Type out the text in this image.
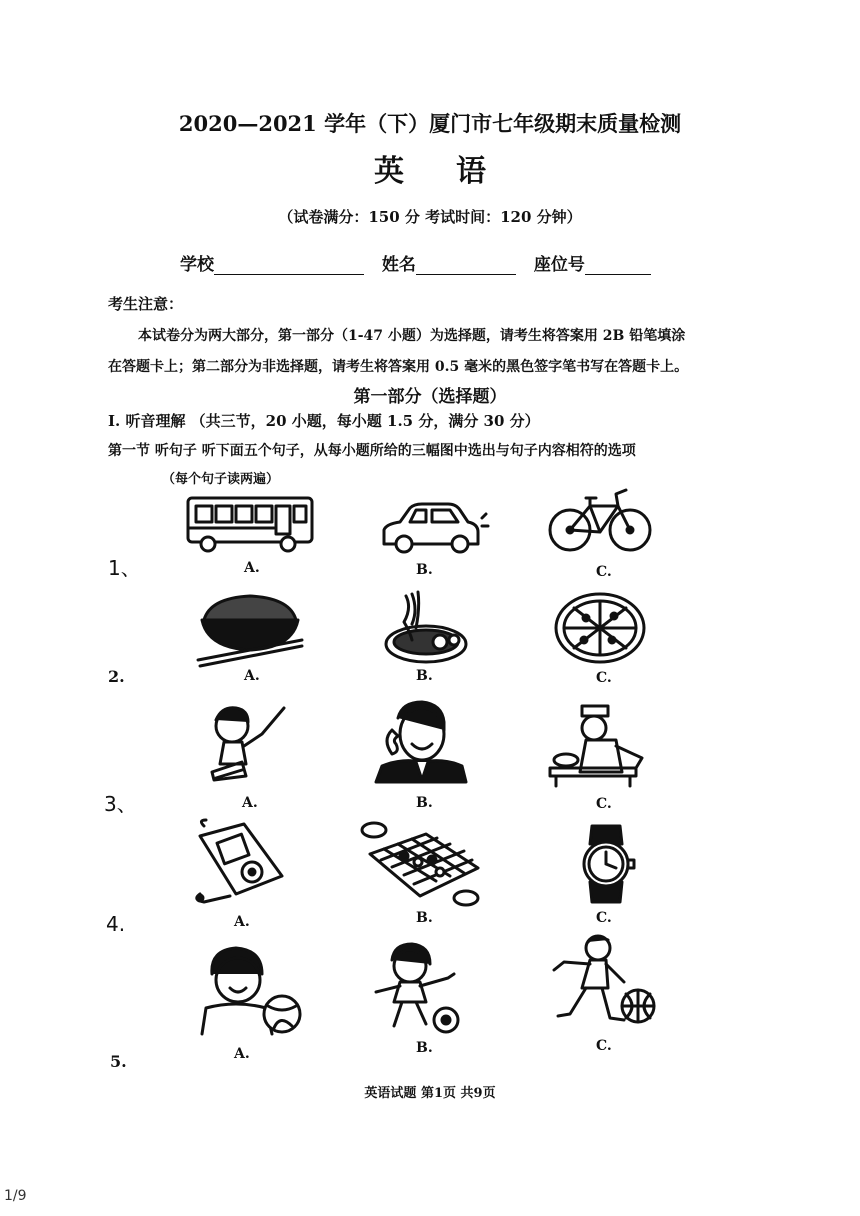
2020—2021 学年（下）厦门市七年级期末质量检测
英语
（试卷满分：150 分 考试时间：120 分钟）
学校	姓名	座位号
考生注意：
本试卷分为两大部分，第一部分（1-47 小题）为选择题，请考生将答案用 2B 铅笔填涂
在答题卡上；第二部分为非选择题，请考生将答案用 0.5 毫米的黑色签字笔书写在答题卡上。
第一部分（选择题）
I. 听音理解 （共三节，20 小题，每小题 1.5 分，满分 30 分）
第一节 听句子 听下面五个句子，从每小题所给的三幅图中选出与句子内容相符的选项
（每个句子读两遍）
1、
2.
3、
4.
5.
A.	B.	C.
A.	B.	C.
A.	B.	C.
A.	B.	C.
A.	B.	C.
英语试题 第1页 共9页
1/9
